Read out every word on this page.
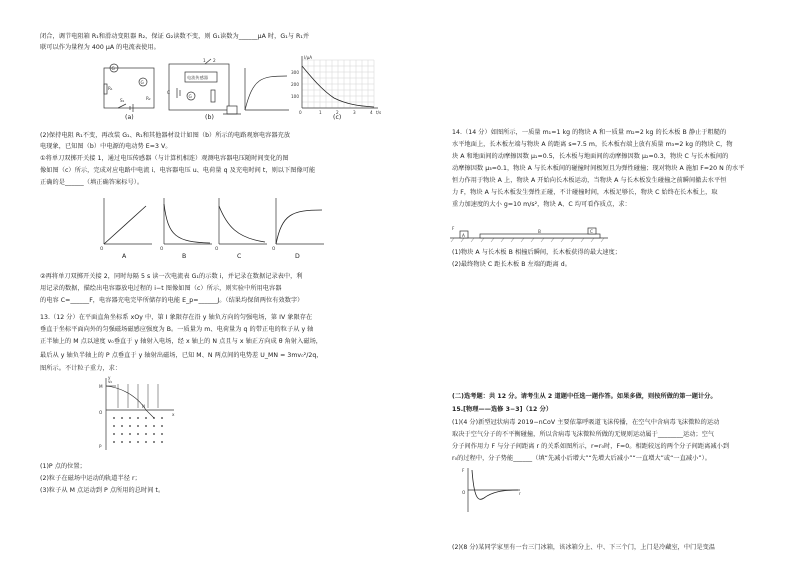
闭合，调节电阻箱 R₁和滑动变阻器 R₂，保证 G₂读数不变，则 G₁读数为______μA 时，G₁与 R₁并
联可以作为量程为 400 μA 的电流表使用。
G
G
S₁
R₁
R₂
(a)
电流传感器
G
C
1 2
(b)
I/μA
t/s
300
200
100
0	1	2	3	4
(c)
(2)保持电阻 R₁不变，再改装 G₁、R₁和其他器材设计如图（b）所示的电路观察电容器充放
电现象，已知图（b）中电源的电动势 E=3 V。
①将单刀双掷开关接 1，通过电压传感器（与计算机相连）观测电容器电压随时间变化的图
像如图（c）所示，完成对应电路中电流 i、电容器电压 u、电荷量 q 及充电时间 t，则以下图像可能
正确的是______（填正确答案标号）。
O
A
O
B
O
C
O
D
②再将单刀双掷开关接 2，同时每隔 5 s 读一次电流表 G₁的示数 i，并记录在数据记录表中，利
用记录的数据，描绘出电容器放电过程的 i−t 图像如图（c）所示，则实验中所用电容器
的电容 C=______F，电容器充电完毕所储存的电能 E_p=______J。（结果均保留两位有效数字）
13.（12 分）在平面直角坐标系 xOy 中，第 I 象限存在沿 y 轴负方向的匀强电场，第 IV 象限存在
垂直于坐标平面向外的匀强磁场磁感应强度为 B。一质量为 m、电荷量为 q 的带正电的粒子从 y 轴
正半轴上的 M 点以速度 v₀垂直于 y 轴射入电场，经 x 轴上的 N 点且与 x 轴正方向成 θ 角射入磁场，
最后从 y 轴负半轴上的 P 点垂直于 y 轴射出磁场，已知 M、N 两点间的电势差 U_MN = 3mv₀²/2q，
图所示。不计粒子重力，求：
M
v₀
N
O
P
x
y
(1)P 点的位置；
(2)粒子在磁场中运动的轨道半径 r；
(3)粒子从 M 点运动到 P 点所用的总时间 t。
14.（14 分）如图所示，一质量 m₁=1 kg 的物块 A 和一质量 m₂=2 kg 的长木板 B 静止于粗糙的
水平地面上，长木板左端与物块 A 的距离 s=7.5 m，长木板右端上放有质量 m₃=2 kg 的物块 C，物
块 A 和地面间的动摩擦因数 μ₁=0.5，长木板与地面间的动摩擦因数 μ₂=0.3，物块 C 与长木板间的
动摩擦因数 μ₃=0.1，物块 A 与长木板间的碰撞时间极短且为弹性碰撞；现对物块 A 施加 F=20 N 的水平
恒力作用于物块 A 上，物块 A 开始向长木板运动，当物块 A 与长木板发生碰撞之前瞬间撤去水平恒
力 F，物块 A 与长木板发生弹性正碰，不计碰撞时间，木板足够长，物块 C 始终在长木板上，取
重力加速度的大小 g=10 m/s²，物块 A、C 均可看作质点，求：
A
B	C
F
(1)物块 A 与长木板 B 相撞后瞬间，长木板获得的最大速度；
(2)最终物块 C 距长木板 B 左端的距离 d。
(二)选考题：共 12 分。请考生从 2 道题中任选一题作答。如果多做，则按所做的第一题计分。
15.[物理——选修 3−3]（12 分）
(1)(4 分)新型冠状病毒 2019−nCoV 主要依靠呼吸道飞沫传播，在空气中含病毒飞沫微粒的运动
取决于空气分子的不平衡碰撞，所以含病毒飞沫微粒所做的无规则运动属于________运动；空气
分子间作用力 F 与分子间距离 r 的关系如图所示，r=r₀时，F=0。相距较远的两个分子间距离减小到
r₀的过程中，分子势能______（填“先减小后增大”“先增大后减小”“一直增大”或“一直减小”）。
F
O	r
(2)(8 分)某同学家里有一台三门冰箱，该冰箱分上、中、下三个门，上门是冷藏室，中门是变温
